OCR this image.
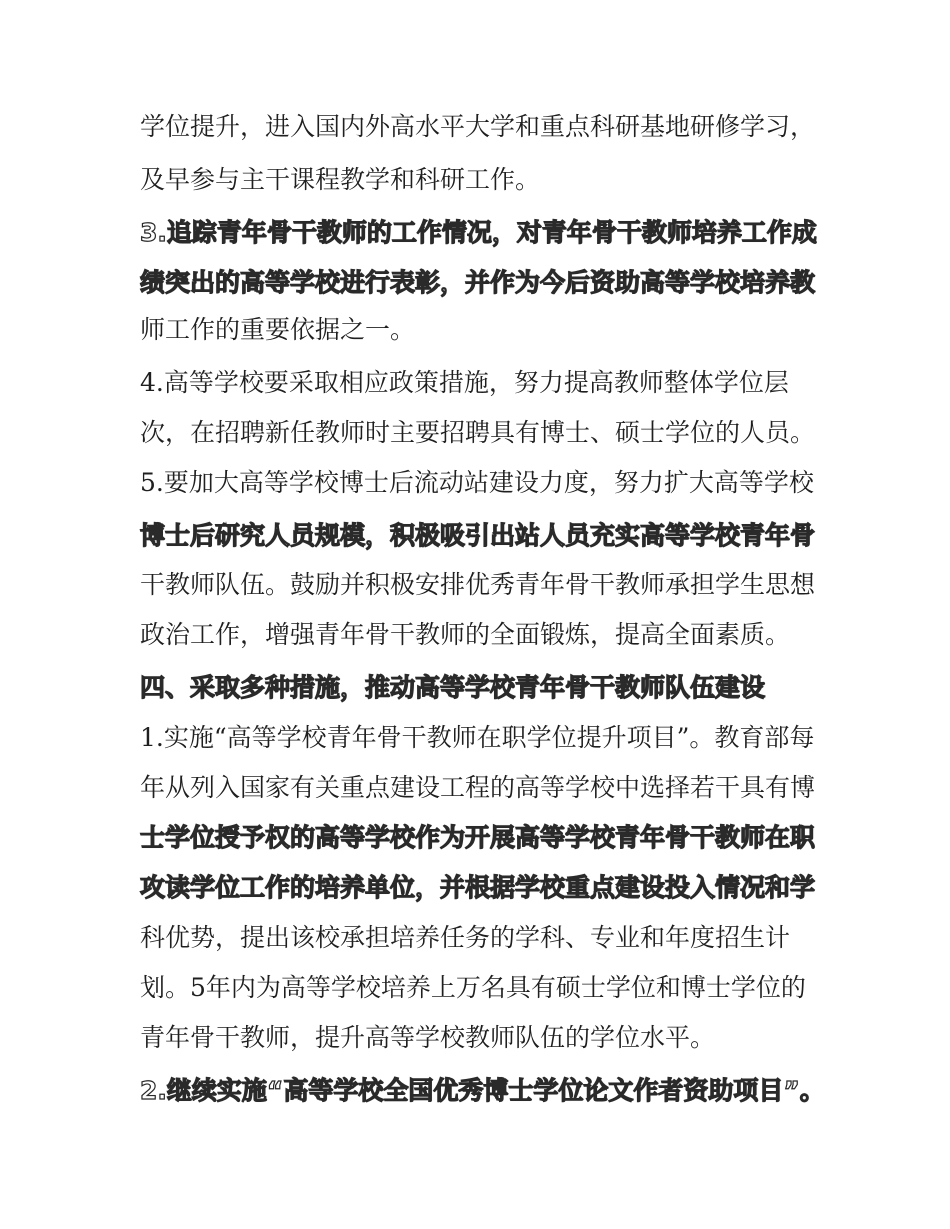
学位提升，进入国内外高水平大学和重点科研基地研修学习，
及早参与主干课程教学和科研工作。
3.追踪青年骨干教师的工作情况，对青年骨干教师培养工作成
绩突出的高等学校进行表彰，并作为今后资助高等学校培养教
师工作的重要依据之一。
4.高等学校要采取相应政策措施，努力提高教师整体学位层
次，在招聘新任教师时主要招聘具有博士、硕士学位的人员。
5.要加大高等学校博士后流动站建设力度，努力扩大高等学校
博士后研究人员规模，积极吸引出站人员充实高等学校青年骨
干教师队伍。鼓励并积极安排优秀青年骨干教师承担学生思想
政治工作，增强青年骨干教师的全面锻炼，提高全面素质。
四、采取多种措施，推动高等学校青年骨干教师队伍建设
1.实施“高等学校青年骨干教师在职学位提升项目”。教育部每
年从列入国家有关重点建设工程的高等学校中选择若干具有博
士学位授予权的高等学校作为开展高等学校青年骨干教师在职
攻读学位工作的培养单位，并根据学校重点建设投入情况和学
科优势，提出该校承担培养任务的学科、专业和年度招生计
划。5年内为高等学校培养上万名具有硕士学位和博士学位的
青年骨干教师，提升高等学校教师队伍的学位水平。
2.继续实施“高等学校全国优秀博士学位论文作者资助项目”。
